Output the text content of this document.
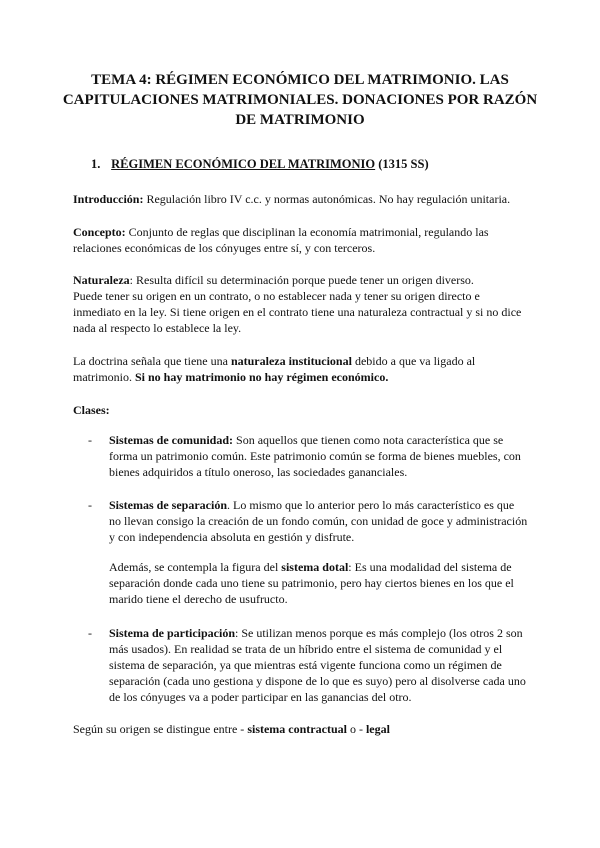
TEMA 4: RÉGIMEN ECONÓMICO DEL MATRIMONIO. LAS
CAPITULACIONES MATRIMONIALES. DONACIONES POR RAZÓN
DE MATRIMONIO
1. RÉGIMEN ECONÓMICO DEL MATRIMONIO (1315 SS)
Introducción: Regulación libro IV c.c. y normas autonómicas. No hay regulación unitaria.
Concepto: Conjunto de reglas que disciplinan la economía matrimonial, regulando las relaciones económicas de los cónyuges entre sí, y con terceros.
Naturaleza: Resulta difícil su determinación porque puede tener un origen diverso.
Puede tener su origen en un contrato, o no establecer nada y tener su origen directo e inmediato en la ley. Si tiene origen en el contrato tiene una naturaleza contractual y si no dice nada al respecto lo establece la ley.
La doctrina señala que tiene una naturaleza institucional debido a que va ligado al matrimonio. Si no hay matrimonio no hay régimen económico.
Clases:
-	Sistemas de comunidad: Son aquellos que tienen como nota característica que se forma un patrimonio común. Este patrimonio común se forma de bienes muebles, con bienes adquiridos a título oneroso, las sociedades gananciales.
-	Sistemas de separación. Lo mismo que lo anterior pero lo más característico es que no llevan consigo la creación de un fondo común, con unidad de goce y administración y con independencia absoluta en gestión y disfrute.
Además, se contempla la figura del sistema dotal: Es una modalidad del sistema de separación donde cada uno tiene su patrimonio, pero hay ciertos bienes en los que el marido tiene el derecho de usufructo.
-	Sistema de participación: Se utilizan menos porque es más complejo (los otros 2 son más usados). En realidad se trata de un híbrido entre el sistema de comunidad y el sistema de separación, ya que mientras está vigente funciona como un régimen de separación (cada uno gestiona y dispone de lo que es suyo) pero al disolverse cada uno de los cónyuges va a poder participar en las ganancias del otro.
Según su origen se distingue entre - sistema contractual o - legal
